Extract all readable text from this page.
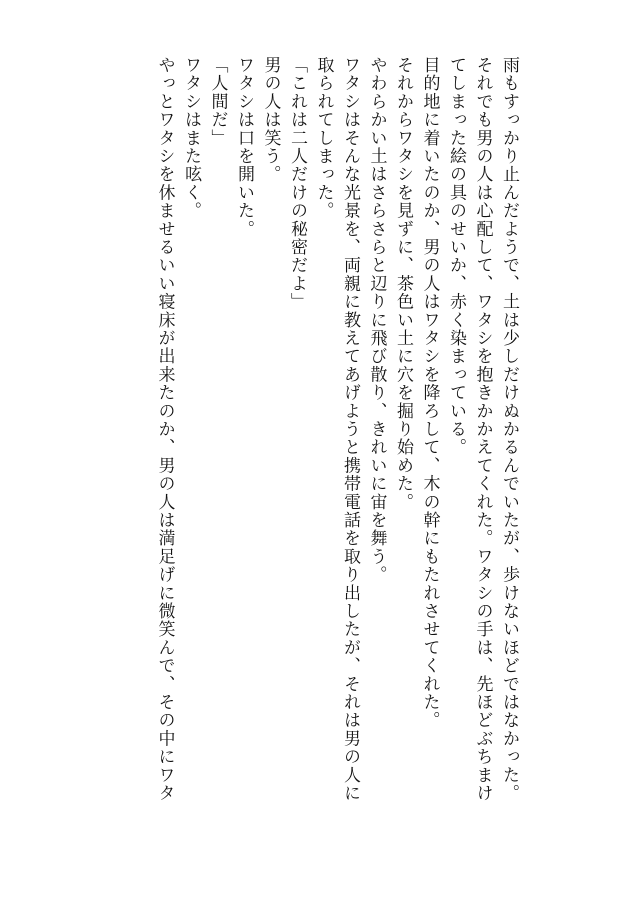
雨もすっかり止んだようで、土は少しだけぬかるんでいたが、歩けないほどではなかった。
それでも男の人は心配して、ワタシを抱きかかえてくれた。ワタシの手は、先ほどぶちまけ
てしまった絵の具のせいか、赤く染まっている。
目的地に着いたのか、男の人はワタシを降ろして、木の幹にもたれさせてくれた。
それからワタシを見ずに、茶色い土に穴を掘り始めた。
やわらかい土はさらさらと辺りに飛び散り、きれいに宙を舞う。
ワタシはそんな光景を、両親に教えてあげようと携帯電話を取り出したが、それは男の人に
取られてしまった。
「これは二人だけの秘密だよ」
男の人は笑う。
ワタシは口を開いた。
「人間だ」
ワタシはまた呟く。
やっとワタシを休ませるいい寝床が出来たのか、男の人は満足げに微笑んで、その中にワタ
